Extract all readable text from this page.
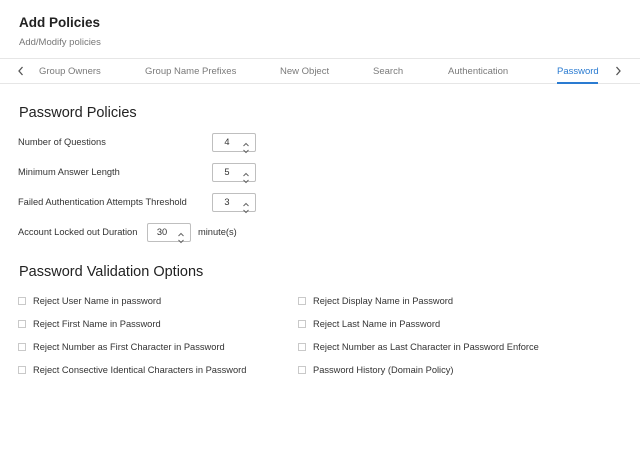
Add Policies
Add/Modify policies
Group Owners	Group Name Prefixes	New Object	Search	Authentication	Password
Password Policies
Number of Questions	4
Minimum Answer Length	5
Failed Authentication Attempts Threshold	3
Account Locked out Duration	30	minute(s)
Password Validation Options
Reject User Name in password
Reject First Name in Password
Reject Number as First Character in Password
Reject Consective Identical Characters in Password
Reject Display Name in Password
Reject Last Name in Password
Reject Number as Last Character in Password Enforce
Password History (Domain Policy)
